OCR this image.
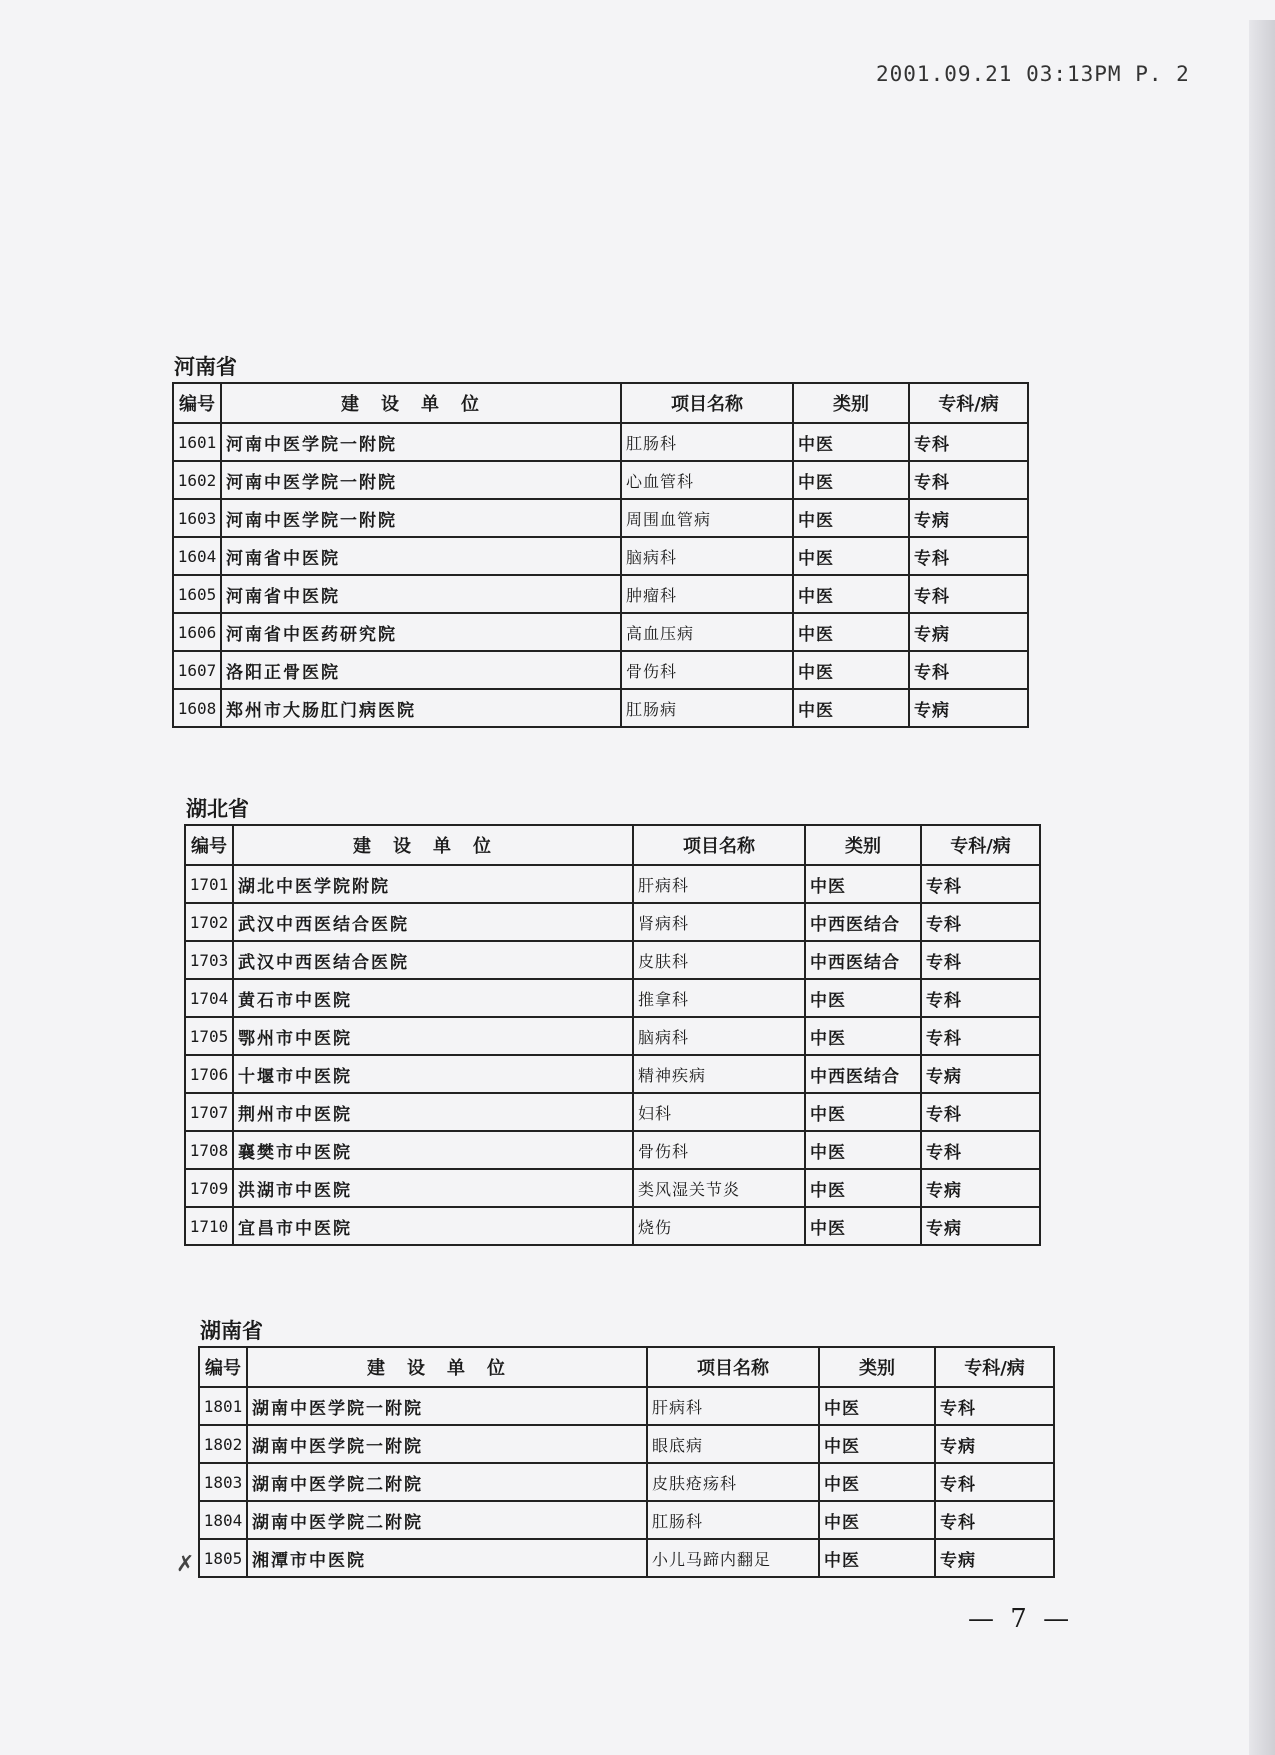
2001.09.21 03:13PM P. 2
河南省
编号	建设单位	项目名称	类别	专科/病
1601	河南中医学院一附院	肛肠科	中医	专科
1602	河南中医学院一附院	心血管科	中医	专科
1603	河南中医学院一附院	周围血管病	中医	专病
1604	河南省中医院	脑病科	中医	专科
1605	河南省中医院	肿瘤科	中医	专科
1606	河南省中医药研究院	高血压病	中医	专病
1607	洛阳正骨医院	骨伤科	中医	专科
1608	郑州市大肠肛门病医院	肛肠病	中医	专病
湖北省
编号	建设单位	项目名称	类别	专科/病
1701	湖北中医学院附院	肝病科	中医	专科
1702	武汉中西医结合医院	肾病科	中西医结合	专科
1703	武汉中西医结合医院	皮肤科	中西医结合	专科
1704	黄石市中医院	推拿科	中医	专科
1705	鄂州市中医院	脑病科	中医	专科
1706	十堰市中医院	精神疾病	中西医结合	专病
1707	荆州市中医院	妇科	中医	专科
1708	襄樊市中医院	骨伤科	中医	专科
1709	洪湖市中医院	类风湿关节炎	中医	专病
1710	宜昌市中医院	烧伤	中医	专病
湖南省
编号	建设单位	项目名称	类别	专科/病
1801	湖南中医学院一附院	肝病科	中医	专科
1802	湖南中医学院一附院	眼底病	中医	专病
1803	湖南中医学院二附院	皮肤疮疡科	中医	专科
1804	湖南中医学院二附院	肛肠科	中医	专科
1805	湘潭市中医院	小儿马蹄内翻足	中医	专病
✗
— 7 —
